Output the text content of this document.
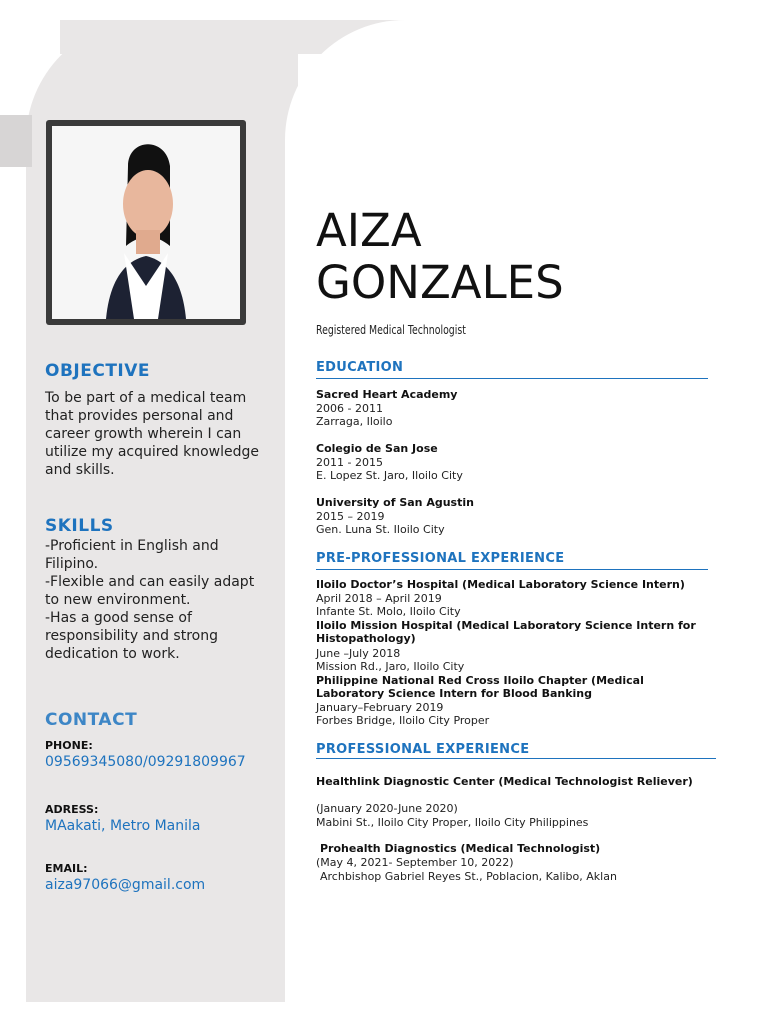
OBJECTIVE
To be part of a medical team that provides personal and career growth wherein I can utilize my acquired knowledge and skills.
SKILLS
-Proficient in English and Filipino.
-Flexible and can easily adapt to new environment.
-Has a good sense of responsibility and strong dedication to work.
CONTACT
PHONE:
09569345080/09291809967
ADRESS:
MAakati, Metro Manila
EMAIL:
aiza97066@gmail.com
AIZA
GONZALES
Registered Medical Technologist
EDUCATION
Sacred Heart Academy
2006 - 2011
Zarraga, Iloilo
Colegio de San Jose
2011 - 2015
E. Lopez St. Jaro, Iloilo City
University of San Agustin
2015 – 2019
Gen. Luna St. Iloilo City
PRE-PROFESSIONAL EXPERIENCE
Iloilo Doctor’s Hospital (Medical Laboratory Science Intern)
April 2018 – April 2019
Infante St. Molo, Iloilo City
Iloilo Mission Hospital (Medical Laboratory Science Intern for Histopathology)
June –July 2018
Mission Rd., Jaro, Iloilo City
Philippine National Red Cross Iloilo Chapter (Medical Laboratory Science Intern for Blood Banking
January–February 2019
Forbes Bridge, Iloilo City Proper
PROFESSIONAL EXPERIENCE
Healthlink Diagnostic Center (Medical Technologist Reliever)
(January 2020-June 2020)
Mabini St., Iloilo City Proper, Iloilo City Philippines
Prohealth Diagnostics (Medical Technologist)
(May 4, 2021- September 10, 2022)
Archbishop Gabriel Reyes St., Poblacion, Kalibo, Aklan
